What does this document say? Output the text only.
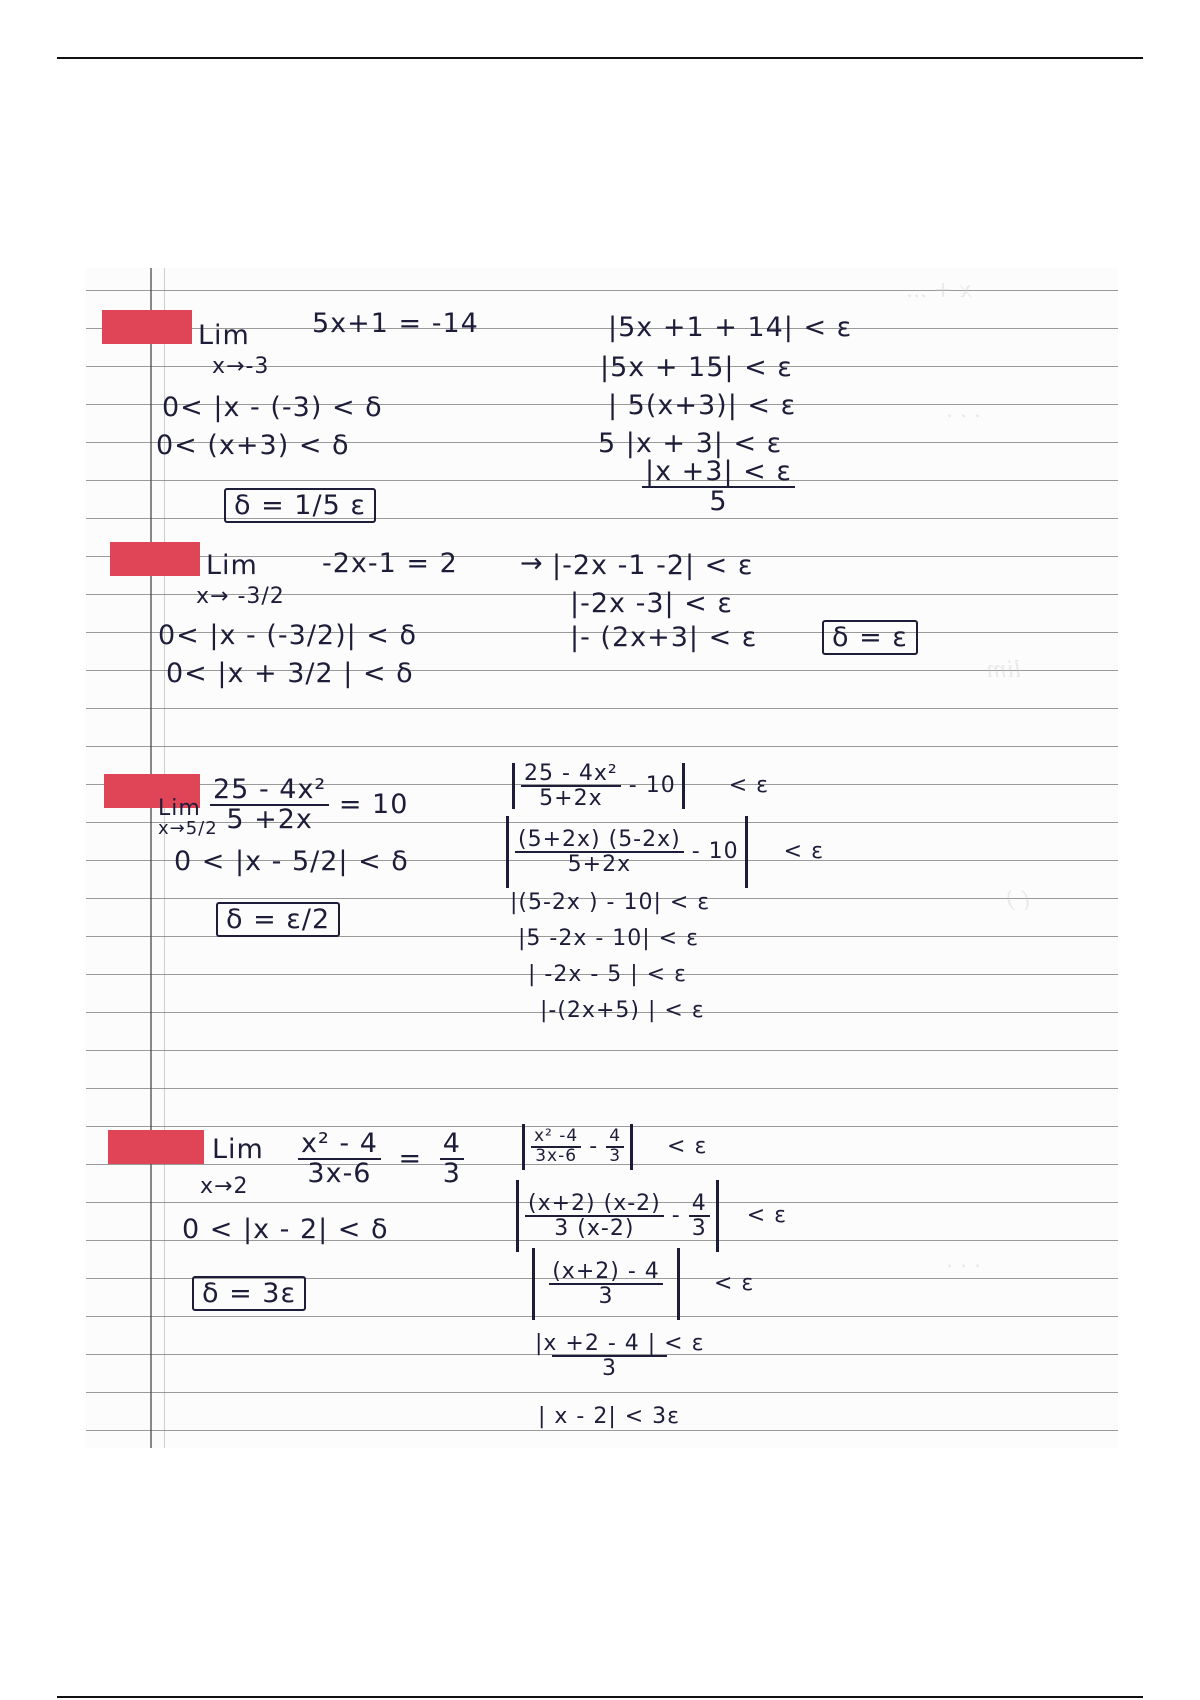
x + ...
. . .
lim
( )
. . .
Lim
x→-3
5x+1 = -14
0< |x - (-3) < δ
0< (x+3) < δ
δ = 1/5 ε
|5x +1 + 14| < ε
|5x + 15| < ε
| 5(x+3)| < ε
5 |x + 3| < ε
$\frac{|x +3| < \varepsilon}{5}$
Lim
x→ -3/2
-2x-1 = 2 →
0< |x - (-3/2)| < δ
0< |x + 3/2 | < δ
|-2x -1 -2| < ε
|-2x -3| < ε
|- (2x+3| < ε	δ = ε
Lim
x→5/2
$\frac{\text{25 - 4x²}}{5 +2x} = 10$
0 < |x - 5/2| < δ
δ = ε/2
$\frac{\text{25 - 4x²}}{5+2x} - 10 < \varepsilon$
$\frac{(5+2x) (5-2x)}{5+2x} - 10 < \varepsilon$
|(5-2x ) - 10| < ε
|5 -2x - 10| < ε
| -2x - 5 | < ε
|-(2x+5) | < ε
Lim
$x\to 2 \frac{\text{x² - 4}}{3x-6} = \frac{4}{3}$
0 < |x - 2| < δ
δ = 3ε
$\frac{\text{x² -4}}{3x-6} - \frac{4}{3} < \varepsilon$
$\frac{(x+2) (x-2)}{3 (x-2)} - \frac{4}{3} < \varepsilon$
$\frac{(x+2) - 4}{3} < \varepsilon$
$\frac{|x +2 - 4 | < \varepsilon}{3}$
| x - 2| < 3ε
